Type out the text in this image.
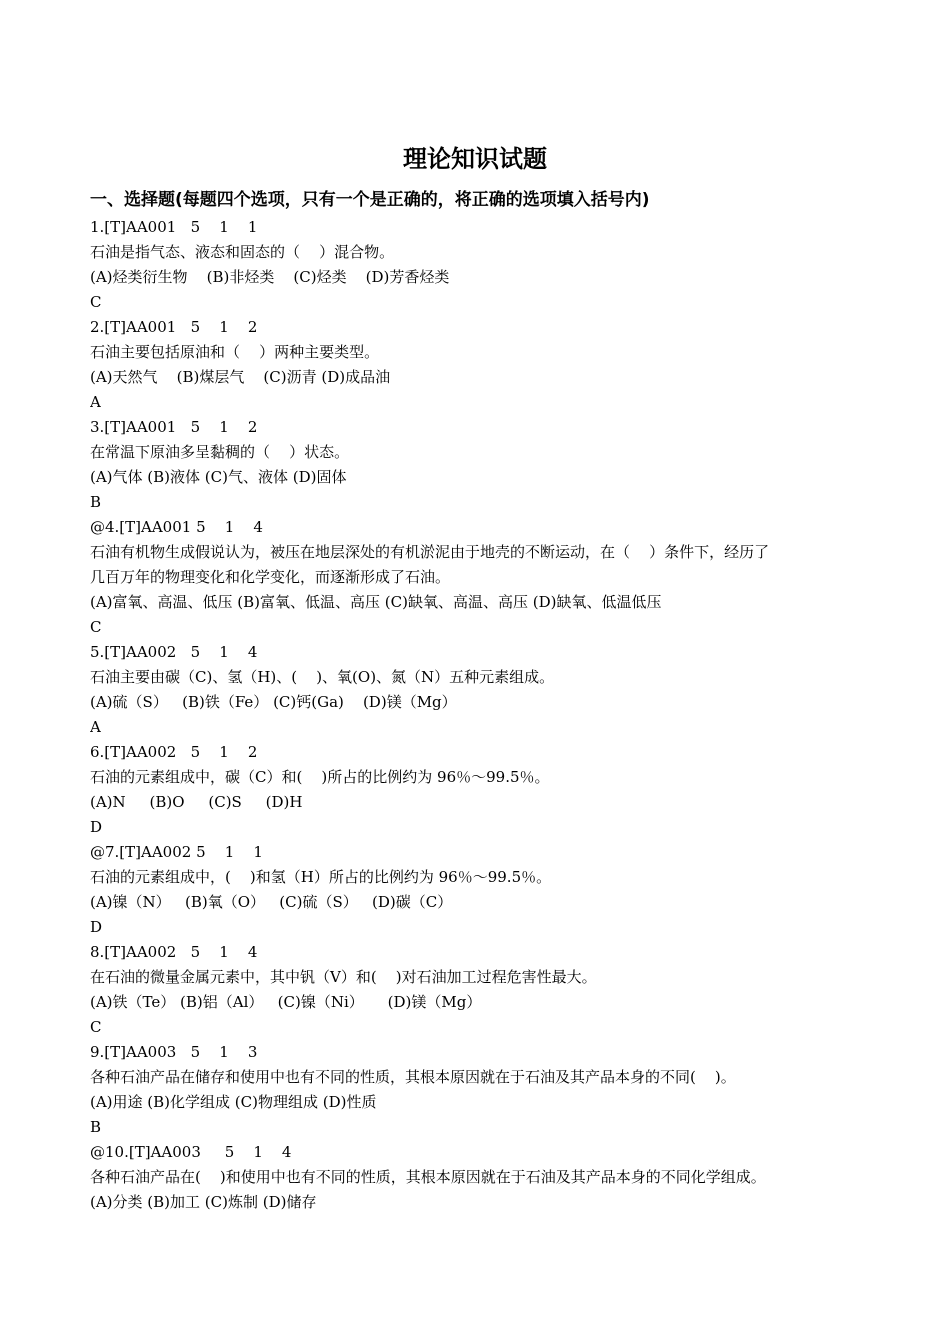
理论知识试题
一、选择题(每题四个选项，只有一个是正确的，将正确的选项填入括号内)
1.[T]AA001   5    1    1
石油是指气态、液态和固态的（    ）混合物。
(A)烃类衍生物    (B)非烃类    (C)烃类    (D)芳香烃类
C
2.[T]AA001   5    1    2
石油主要包括原油和（    ）两种主要类型。
(A)天然气    (B)煤层气    (C)沥青 (D)成品油
A
3.[T]AA001   5    1    2
在常温下原油多呈黏稠的（    ）状态。
(A)气体 (B)液体 (C)气、液体 (D)固体
B
@4.[T]AA001 5    1    4
石油有机物生成假说认为，被压在地层深处的有机淤泥由于地壳的不断运动，在（    ）条件下，经历了
几百万年的物理变化和化学变化，而逐渐形成了石油。
(A)富氧、高温、低压 (B)富氧、低温、高压 (C)缺氧、高温、高压 (D)缺氧、低温低压
C
5.[T]AA002   5    1    4
石油主要由碳（C)、氢（H)、(    )、氧(O)、氮（N）五种元素组成。
(A)硫（S）   (B)铁（Fe） (C)钙(Ga)    (D)镁（Mg）
A
6.[T]AA002   5    1    2
石油的元素组成中，碳（C）和(    )所占的比例约为 96％～99.5％。
(A)N     (B)O     (C)S     (D)H
D
@7.[T]AA002 5    1    1
石油的元素组成中，(    )和氢（H）所占的比例约为 96％～99.5％。
(A)镍（N）   (B)氧（O）   (C)硫（S）   (D)碳（C）
D
8.[T]AA002   5    1    4
在石油的微量金属元素中，其中钒（V）和(    )对石油加工过程危害性最大。
(A)铁（Te） (B)铝（Al）   (C)镍（Ni）     (D)镁（Mg）
C
9.[T]AA003   5    1    3
各种石油产品在储存和使用中也有不同的性质，其根本原因就在于石油及其产品本身的不同(    )。
(A)用途 (B)化学组成 (C)物理组成 (D)性质
B
@10.[T]AA003     5    1    4
各种石油产品在(    )和使用中也有不同的性质，其根本原因就在于石油及其产品本身的不同化学组成。
(A)分类 (B)加工 (C)炼制 (D)储存
